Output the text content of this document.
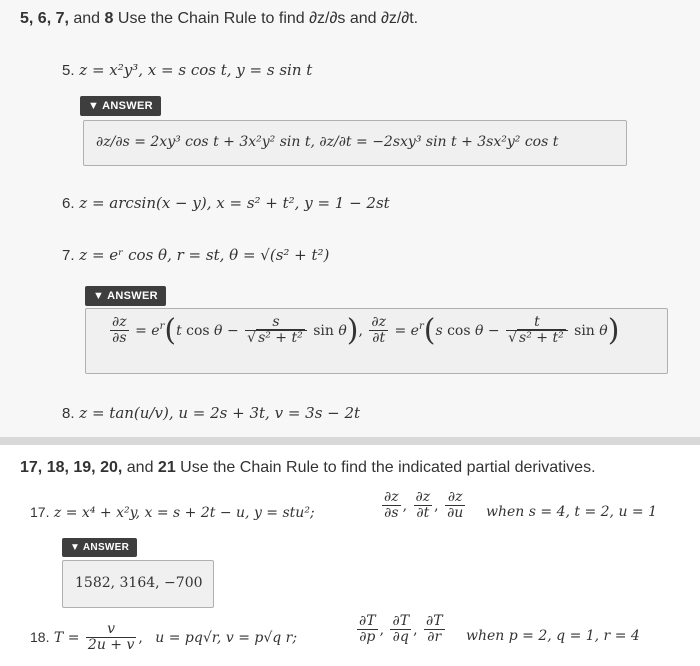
5, 6, 7, and 8 Use the Chain Rule to find ∂z/∂s and ∂z/∂t.
5. z = x²y³, x = s cos t, y = s sin t
▼ ANSWER
∂z/∂s = 2xy³ cos t + 3x²y² sin t, ∂z/∂t = −2sxy³ sin t + 3sx²y² cos t
6. z = arcsin(x − y), x = s² + t², y = 1 − 2st
7. z = eʳ cos θ, r = st, θ = √(s² + t²)
▼ ANSWER
$\frac{\partial z}{\partial s} = e^r(t$ $\cos \theta - \frac{s}{\text{√ s² + t²}}$ sin θ), $\frac{\partial z}{\partial t} = e^r(s$ $\cos \theta - \frac{t}{\text{√ s² + t²}}$ sin θ)
8. z = tan(u/v), u = 2s + 3t, v = 3s − 2t
17, 18, 19, 20, and 21 Use the Chain Rule to find the indicated partial derivatives.
17. z = x⁴ + x²y, x = s + 2t − u, y = stu²;	$\frac{\partial z}{\partial s}$ , $\frac{\partial z}{\partial t}$ , $\frac{\partial z}{\partial u}$ when s = 4, t = 2, u = 1
▼ ANSWER
1582, 3164, −700
18. $T = \frac{v}{2u + v}$ , u = pq√r, v = p√q r;	$\frac{\partial T}{\partial p}$ , $\frac{\partial T}{\partial q}$ , $\frac{\partial T}{\partial r}$ when p = 2, q = 1, r = 4
